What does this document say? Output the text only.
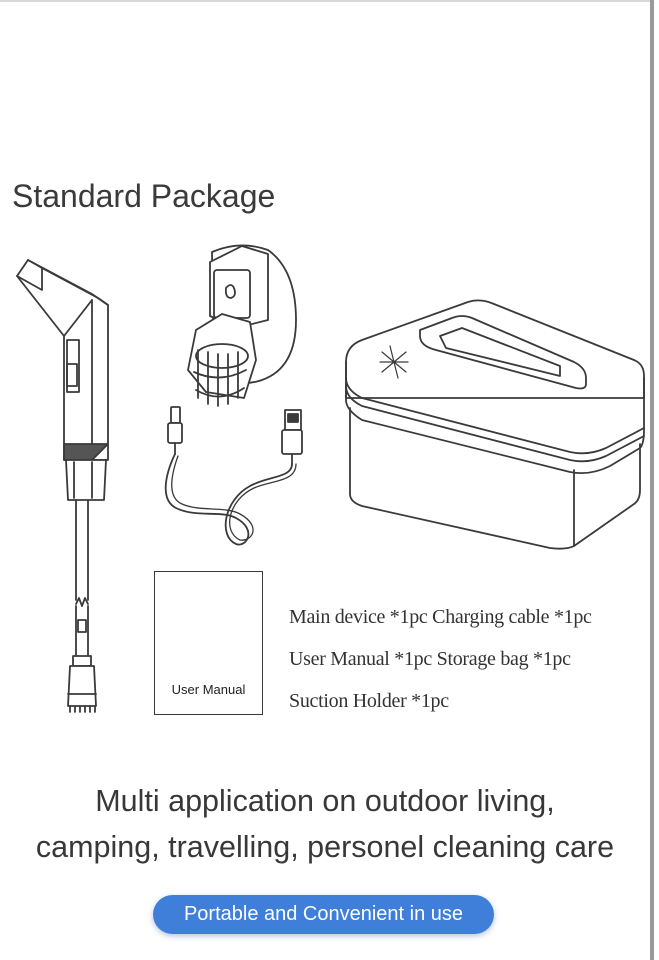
Standard Package
User Manual
Main device *1pc Charging cable *1pc
User Manual *1pc Storage bag *1pc
Suction Holder *1pc
Multi application on outdoor living,
camping, travelling, personel cleaning care
Portable and Convenient in use
